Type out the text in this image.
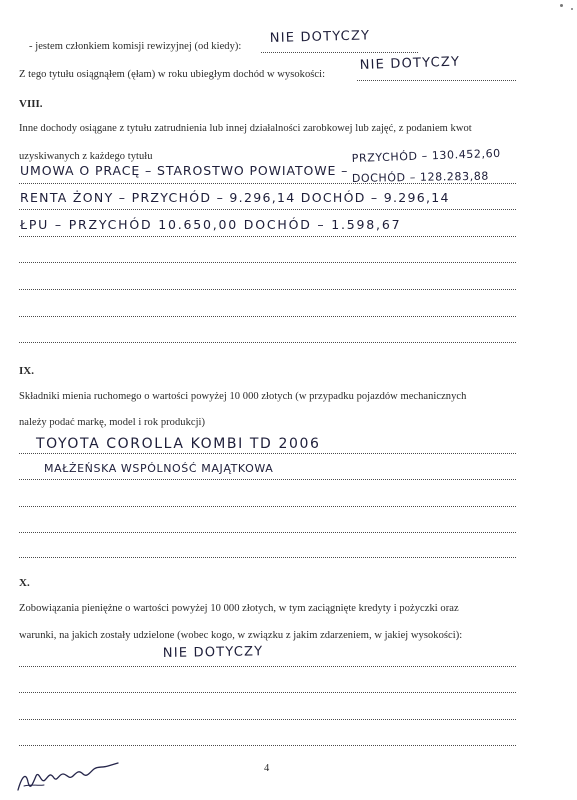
- jestem członkiem komisji rewizyjnej (od kiedy):
NIE DOTYCZY
Z tego tytułu osiągnąłem (ęłam) w roku ubiegłym dochód w wysokości:
NIE DOTYCZY
VIII.
Inne dochody osiągane z tytułu zatrudnienia lub innej działalności zarobkowej lub zajęć, z podaniem kwot
uzyskiwanych z każdego tytułu
UMOWA O PRACĘ – STAROSTWO POWIATOWE –
PRZYCHÓD – 130.452,60
DOCHÓD – 128.283,88
RENTA ŻONY – PRZYCHÓD – 9.296,14 DOCHÓD – 9.296,14
ŁPU – PRZYCHÓD 10.650,00 DOCHÓD – 1.598,67
IX.
Składniki mienia ruchomego o wartości powyżej 10 000 złotych (w przypadku pojazdów mechanicznych
należy podać markę, model i rok produkcji)
TOYOTA COROLLA KOMBI TD 2006
MAŁŻEŃSKA WSPÓLNOŚĆ MAJĄTKOWA
X.
Zobowiązania pieniężne o wartości powyżej 10 000 złotych, w tym zaciągnięte kredyty i pożyczki oraz
warunki, na jakich zostały udzielone (wobec kogo, w związku z jakim zdarzeniem, w jakiej wysokości):
NIE DOTYCZY
4
